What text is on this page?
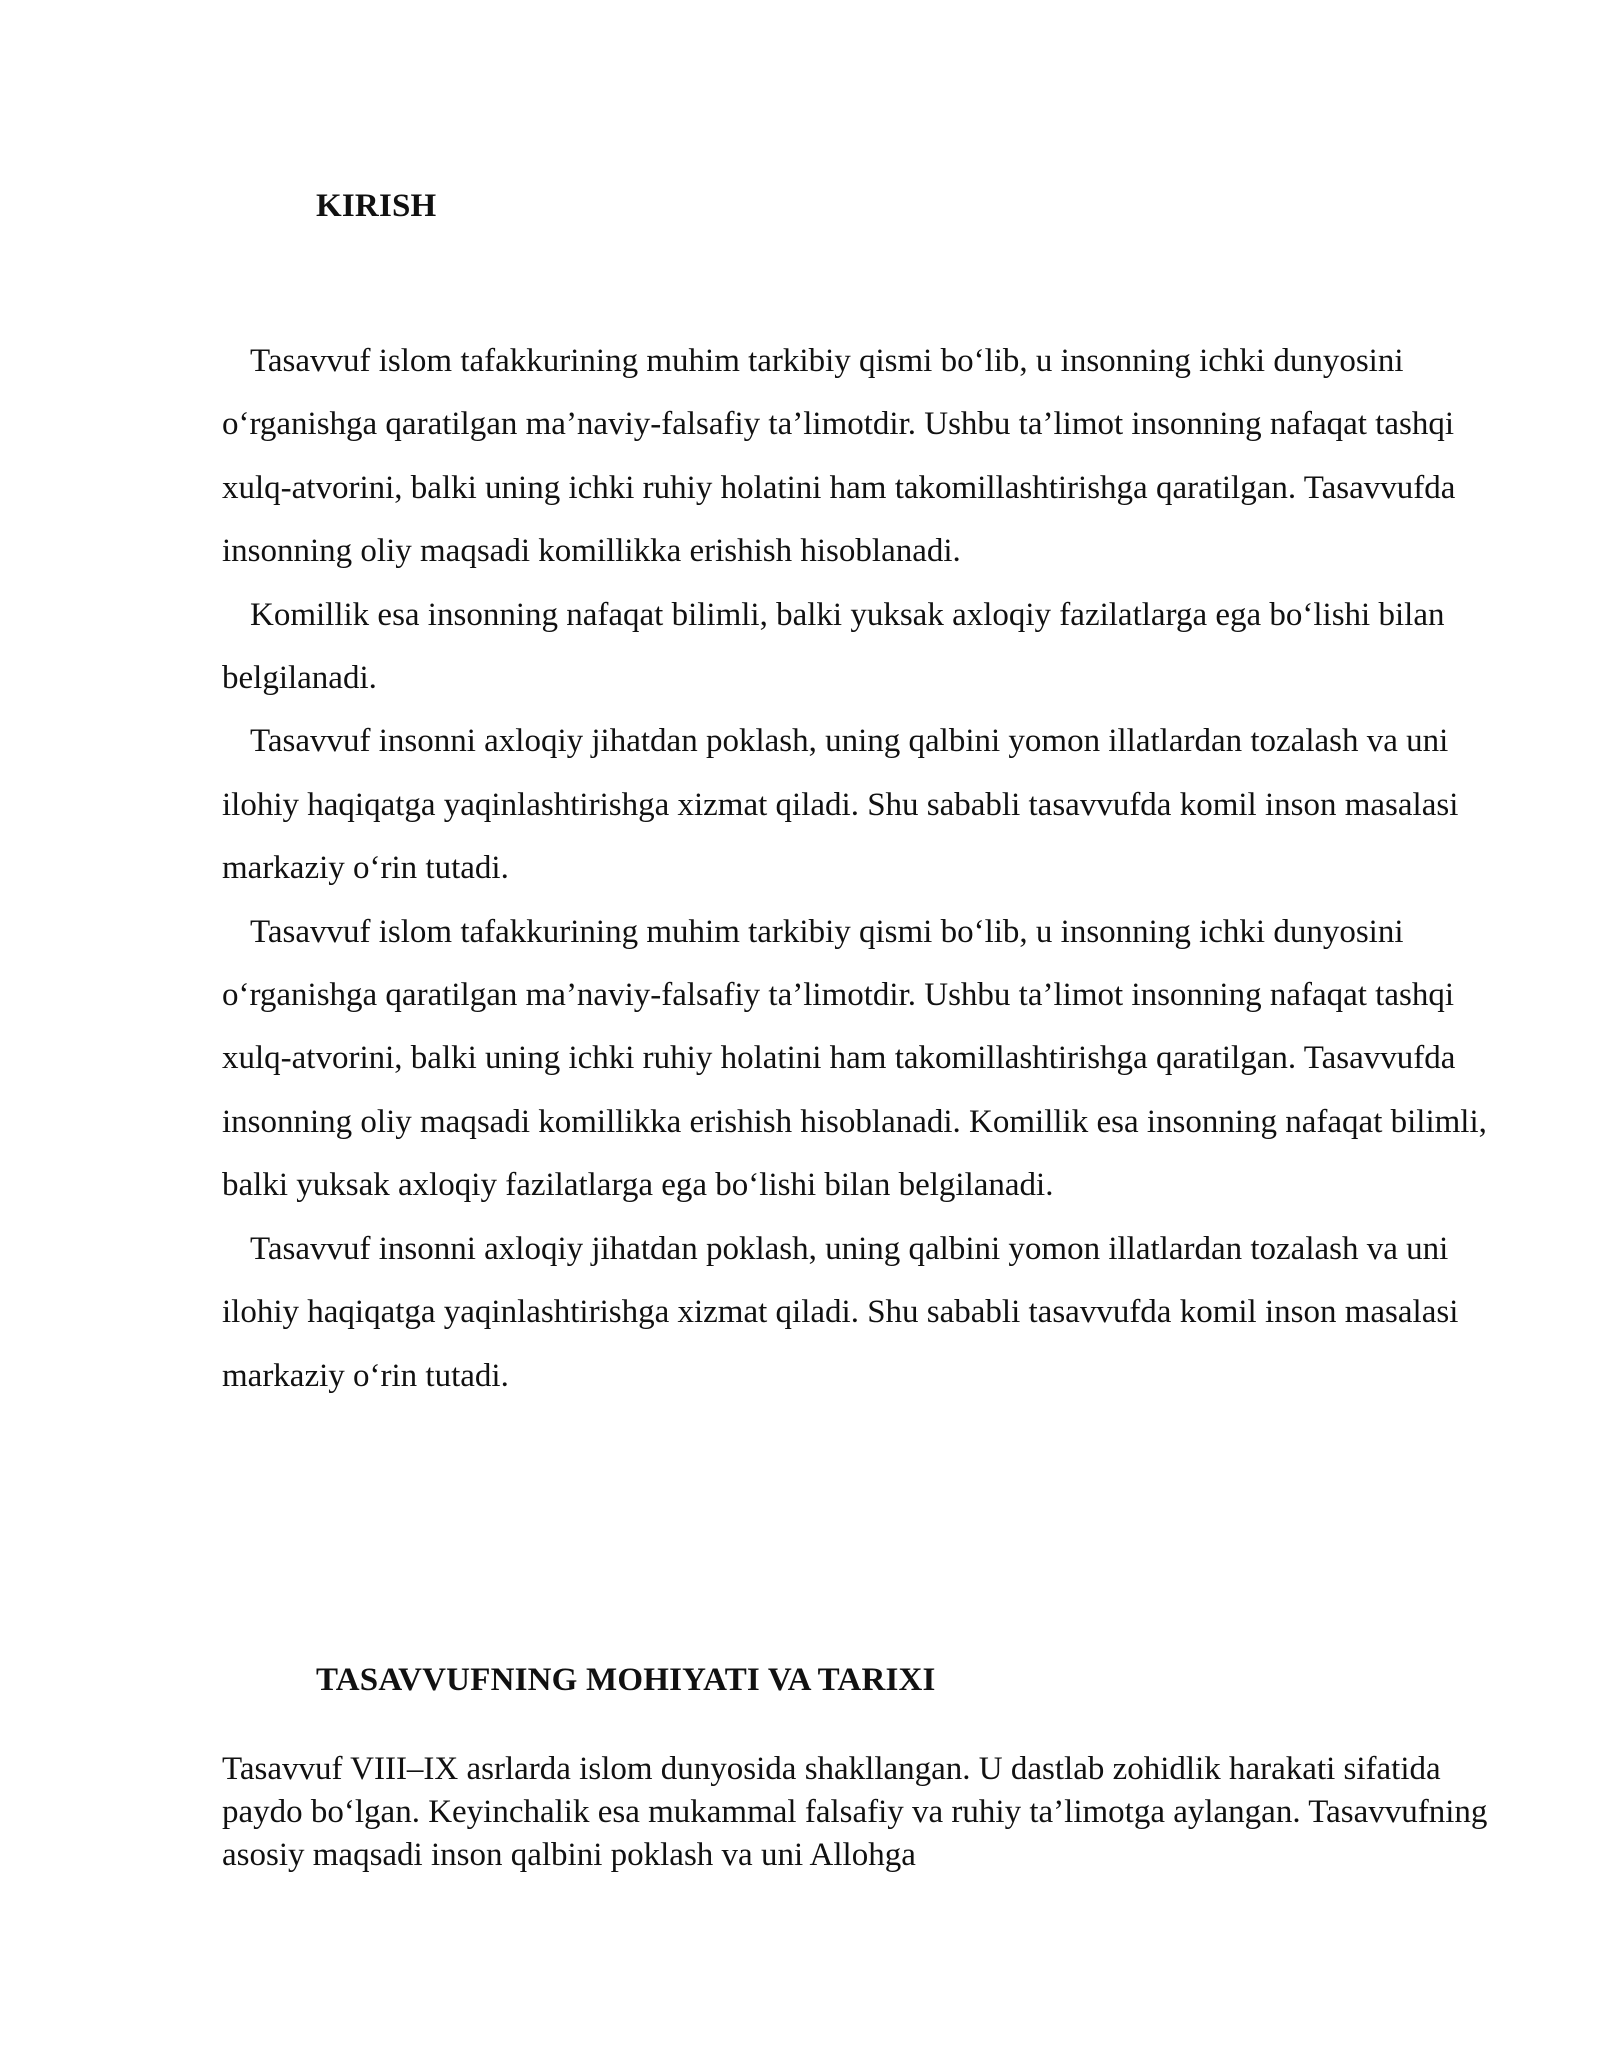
KIRISH

Tasavvuf islom tafakkurining muhim tarkibiy qismi bo‘lib, u insonning ichki dunyosini o‘rganishga qaratilgan ma’naviy-falsafiy ta’limotdir. Ushbu ta’limot insonning nafaqat tashqi xulq-atvorini, balki uning ichki ruhiy holatini ham takomillashtirishga qaratilgan. Tasavvufda insonning oliy maqsadi komillikka erishish hisoblanadi.

Komillik esa insonning nafaqat bilimli, balki yuksak axloqiy fazilatlarga ega bo‘lishi bilan belgilanadi.

Tasavvuf insonni axloqiy jihatdan poklash, uning qalbini yomon illatlardan tozalash va uni ilohiy haqiqatga yaqinlashtirishga xizmat qiladi. Shu sababli tasavvufda komil inson masalasi markaziy o‘rin tutadi.

Tasavvuf islom tafakkurining muhim tarkibiy qismi bo‘lib, u insonning ichki dunyosini o‘rganishga qaratilgan ma’naviy-falsafiy ta’limotdir. Ushbu ta’limot insonning nafaqat tashqi xulq-atvorini, balki uning ichki ruhiy holatini ham takomillashtirishga qaratilgan. Tasavvufda insonning oliy maqsadi komillikka erishish hisoblanadi. Komillik esa insonning nafaqat bilimli, balki yuksak axloqiy fazilatlarga ega bo‘lishi bilan belgilanadi.

Tasavvuf insonni axloqiy jihatdan poklash, uning qalbini yomon illatlardan tozalash va uni ilohiy haqiqatga yaqinlashtirishga xizmat qiladi. Shu sababli tasavvufda komil inson masalasi markaziy o‘rin tutadi.

TASAVVUFNING MOHIYATI VA TARIXI

Tasavvuf VIII–IX asrlarda islom dunyosida shakllangan. U dastlab zohidlik harakati sifatida paydo bo‘lgan. Keyinchalik esa mukammal falsafiy va ruhiy ta’limotga aylangan. Tasavvufning asosiy maqsadi inson qalbini poklash va uni Allohga
